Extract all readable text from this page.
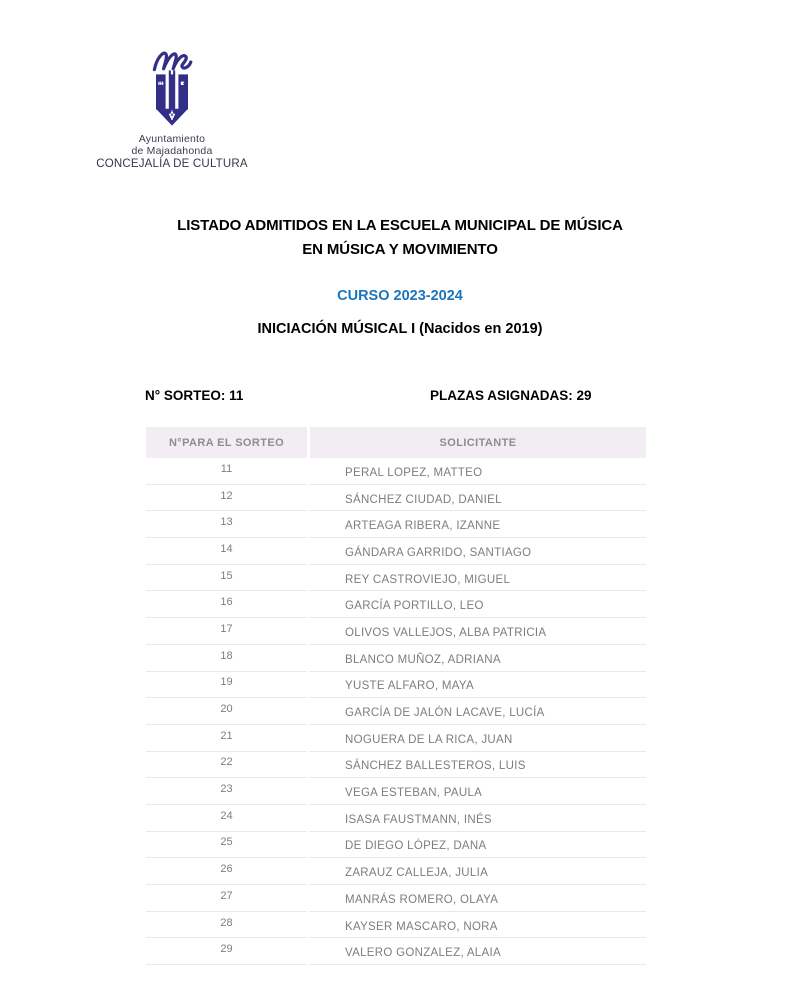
Ayuntamiento
de Majadahonda
CONCEJALÍA DE CULTURA
LISTADO ADMITIDOS EN LA ESCUELA MUNICIPAL DE MÚSICA
EN MÚSICA Y MOVIMIENTO
CURSO 2023-2024
INICIACIÓN MÚSICAL I (Nacidos en 2019)
N° SORTEO: 11	PLAZAS ASIGNADAS: 29
N°PARA EL SORTEO	SOLICITANTE
11	PERAL LOPEZ, MATTEO
12	SÁNCHEZ CIUDAD, DANIEL
13	ARTEAGA RIBERA, IZANNE
14	GÁNDARA GARRIDO, SANTIAGO
15	REY CASTROVIEJO, MIGUEL
16	GARCÍA PORTILLO, LEO
17	OLIVOS VALLEJOS, ALBA PATRICIA
18	BLANCO MUÑOZ, ADRIANA
19	YUSTE ALFARO, MAYA
20	GARCÍA DE JALÓN LACAVE, LUCÍA
21	NOGUERA DE LA RICA, JUAN
22	SÁNCHEZ BALLESTEROS, LUIS
23	VEGA ESTEBAN, PAULA
24	ISASA FAUSTMANN, INÉS
25	DE DIEGO LÓPEZ, DANA
26	ZARAUZ CALLEJA, JULIA
27	MANRÁS ROMERO, OLAYA
28	KAYSER MASCARO, NORA
29	VALERO GONZALEZ, ALAIA
